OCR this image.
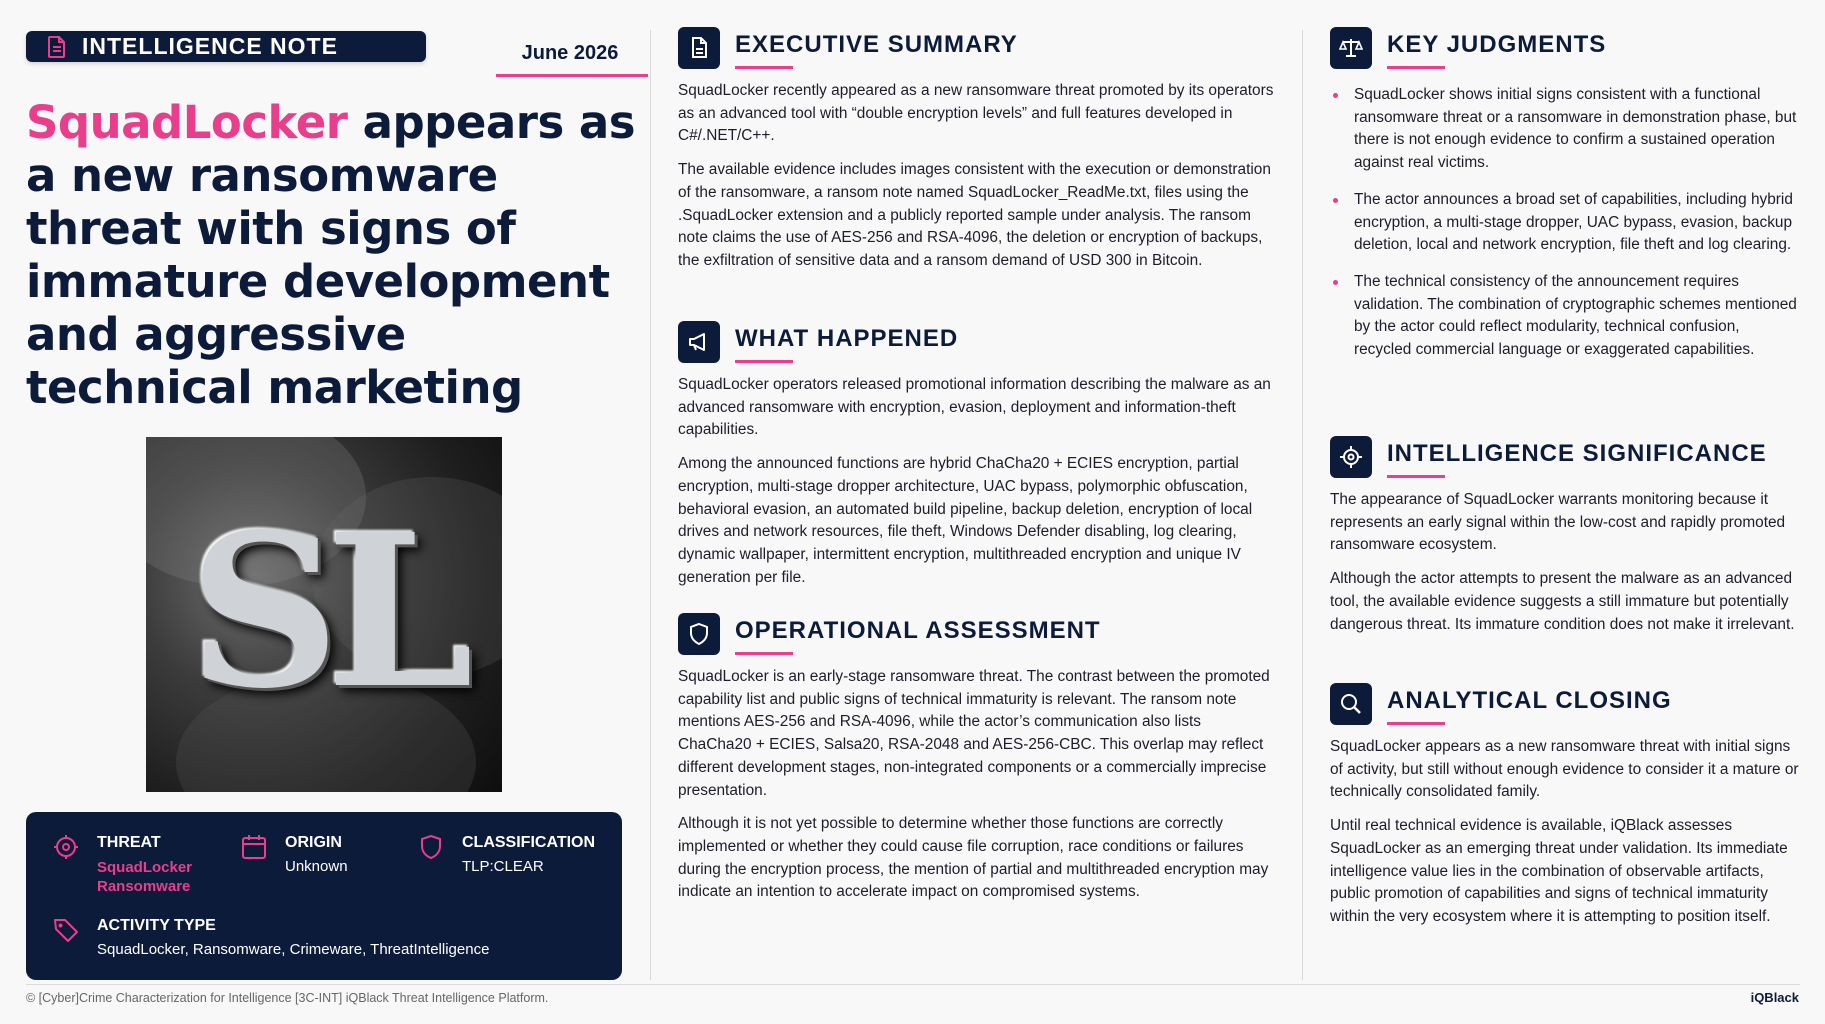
INTELLIGENCE NOTE	June 2026
SquadLocker appears as a new ransomware threat with signs of immature development and aggressive technical marketing
SL
THREAT
SquadLocker Ransomware
ORIGIN
Unknown
CLASSIFICATION
TLP:CLEAR
ACTIVITY TYPE
SquadLocker, Ransomware, Crimeware, ThreatIntelligence
EXECUTIVE SUMMARY

SquadLocker recently appeared as a new ransomware threat promoted by its operators as an advanced tool with “double encryption levels” and full features developed in C#/.NET/C++.

The available evidence includes images consistent with the execution or demonstration of the ransomware, a ransom note named SquadLocker_ReadMe.txt, files using the .SquadLocker extension and a publicly reported sample under analysis. The ransom note claims the use of AES-256 and RSA-4096, the deletion or encryption of backups, the exfiltration of sensitive data and a ransom demand of USD 300 in Bitcoin.

WHAT HAPPENED

SquadLocker operators released promotional information describing the malware as an advanced ransomware with encryption, evasion, deployment and information-theft capabilities.

Among the announced functions are hybrid ChaCha20 + ECIES encryption, partial encryption, multi-stage dropper architecture, UAC bypass, polymorphic obfuscation, behavioral evasion, an automated build pipeline, backup deletion, encryption of local drives and network resources, file theft, Windows Defender disabling, log clearing, dynamic wallpaper, intermittent encryption, multithreaded encryption and unique IV generation per file.

OPERATIONAL ASSESSMENT

SquadLocker is an early-stage ransomware threat. The contrast between the promoted capability list and public signs of technical immaturity is relevant. The ransom note mentions AES-256 and RSA-4096, while the actor’s communication also lists ChaCha20 + ECIES, Salsa20, RSA-2048 and AES-256-CBC. This overlap may reflect different development stages, non-integrated components or a commercially imprecise presentation.

Although it is not yet possible to determine whether those functions are correctly implemented or whether they could cause file corruption, race conditions or failures during the encryption process, the mention of partial and multithreaded encryption may indicate an intention to accelerate impact on compromised systems.

KEY JUDGMENTS
SquadLocker shows initial signs consistent with a functional ransomware threat or a ransomware in demonstration phase, but there is not enough evidence to confirm a sustained operation against real victims.
The actor announces a broad set of capabilities, including hybrid encryption, a multi-stage dropper, UAC bypass, evasion, backup deletion, local and network encryption, file theft and log clearing.
The technical consistency of the announcement requires validation. The combination of cryptographic schemes mentioned by the actor could reflect modularity, technical confusion, recycled commercial language or exaggerated capabilities.
INTELLIGENCE SIGNIFICANCE

The appearance of SquadLocker warrants monitoring because it represents an early signal within the low-cost and rapidly promoted ransomware ecosystem.

Although the actor attempts to present the malware as an advanced tool, the available evidence suggests a still immature but potentially dangerous threat. Its immature condition does not make it irrelevant.

ANALYTICAL CLOSING

SquadLocker appears as a new ransomware threat with initial signs of activity, but still without enough evidence to consider it a mature or technically consolidated family.

Until real technical evidence is available, iQBlack assesses SquadLocker as an emerging threat under validation. Its immediate intelligence value lies in the combination of observable artifacts, public promotion of capabilities and signs of technical immaturity within the very ecosystem where it is attempting to position itself.

© [Cyber]Crime Characterization for Intelligence [3C-INT] iQBlack Threat Intelligence Platform.	iQBlack
